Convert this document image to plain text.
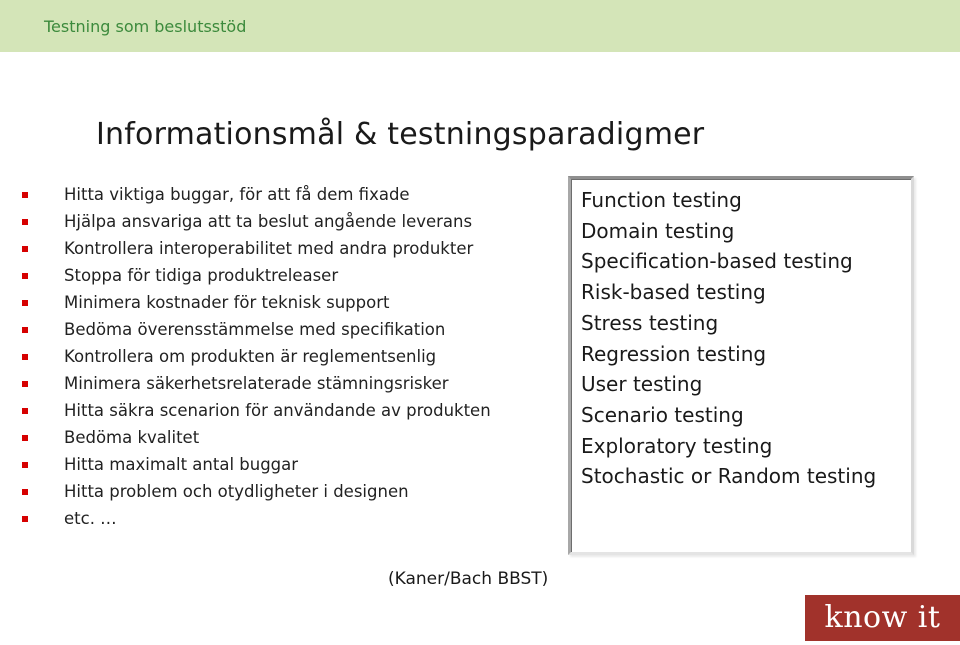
Testning som beslutsstöd
Informationsmål & testningsparadigmer
Hitta viktiga buggar, för att få dem fixade
Hjälpa ansvariga att ta beslut angående leverans
Kontrollera interoperabilitet med andra produkter
Stoppa för tidiga produktreleaser
Minimera kostnader för teknisk support
Bedöma överensstämmelse med specifikation
Kontrollera om produkten är reglementsenlig
Minimera säkerhetsrelaterade stämningsrisker
Hitta säkra scenarion för användande av produkten
Bedöma kvalitet
Hitta maximalt antal buggar
Hitta problem och otydligheter i designen
etc. …
Function testing
Domain testing
Specification-based testing
Risk-based testing
Stress testing
Regression testing
User testing
Scenario testing
Exploratory testing
Stochastic or Random testing
(Kaner/Bach BBST)
know it
